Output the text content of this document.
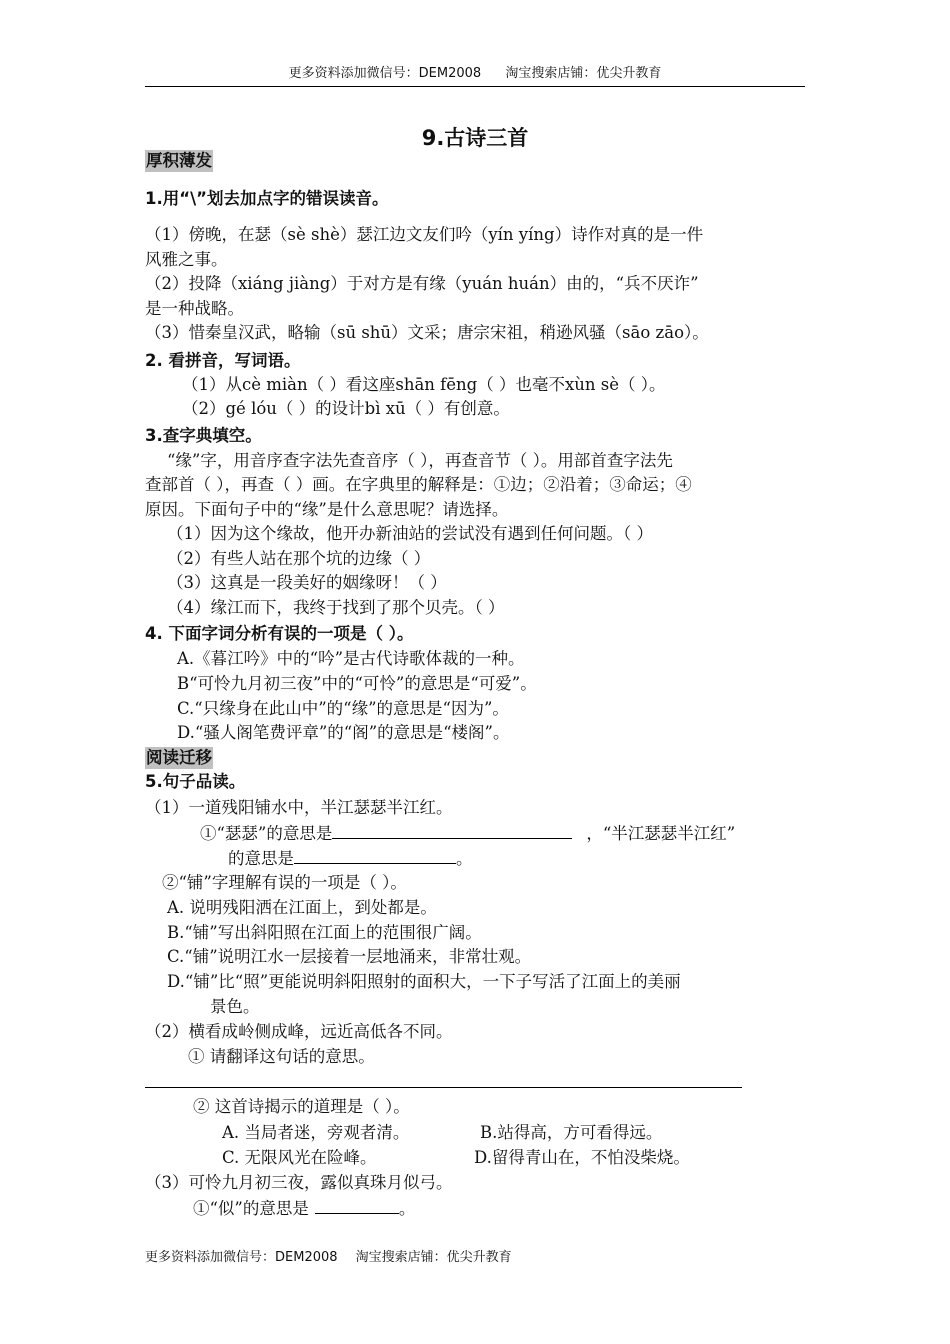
更多资料添加微信号：DEM2008 淘宝搜索店铺：优尖升教育
9.古诗三首
厚积薄发
1.用“\”划去加点字的错误读音。
（1）傍晚，在瑟（sè shè）瑟江边文友们吟（yín yíng）诗作对真的是一件
风雅之事。
（2）投降（xiáng jiàng）于对方是有缘（yuán huán）由的，“兵不厌诈”
是一种战略。
（3）惜秦皇汉武，略输（sū shū）文采；唐宗宋祖，稍逊风骚（sāo zāo）。
2. 看拼音，写词语。
（1）从cè miàn（ ）看这座shān fēng（ ）也毫不xùn sè（ ）。
（2）gé lóu（ ）的设计bì xū（ ）有创意。
3.查字典填空。
“缘”字，用音序查字法先查音序（ ），再查音节（ ）。用部首查字法先
查部首（ ），再查（ ）画。在字典里的解释是：①边；②沿着；③命运；④
原因。下面句子中的“缘”是什么意思呢？请选择。
（1）因为这个缘故，他开办新油站的尝试没有遇到任何问题。（ ）
（2）有些人站在那个坑的边缘（ ）
（3）这真是一段美好的姻缘呀！（ ）
（4）缘江而下，我终于找到了那个贝壳。（ ）
4. 下面字词分析有误的一项是（ ）。
A.《暮江吟》中的“吟”是古代诗歌体裁的一种。
B“可怜九月初三夜”中的“可怜”的意思是“可爱”。
C.“只缘身在此山中”的“缘”的意思是“因为”。
D.“骚人阁笔费评章”的“阁”的意思是“楼阁”。
阅读迁移
5.句子品读。
（1）一道残阳铺水中，半江瑟瑟半江红。
①“瑟瑟”的意思是	，“半江瑟瑟半江红”
的意思是	。
②“铺”字理解有误的一项是（ ）。
A. 说明残阳洒在江面上，到处都是。
B.“铺”写出斜阳照在江面上的范围很广阔。
C.“铺”说明江水一层接着一层地涌来，非常壮观。
D.“铺”比“照”更能说明斜阳照射的面积大，一下子写活了江面上的美丽
景色。
（2）横看成岭侧成峰，远近高低各不同。
① 请翻译这句话的意思。
② 这首诗揭示的道理是（ ）。
A. 当局者迷，旁观者清。	B.站得高，方可看得远。
C. 无限风光在险峰。	D.留得青山在，不怕没柴烧。
（3）可怜九月初三夜，露似真珠月似弓。
①“似”的意思是	。
更多资料添加微信号：DEM2008 淘宝搜索店铺：优尖升教育
